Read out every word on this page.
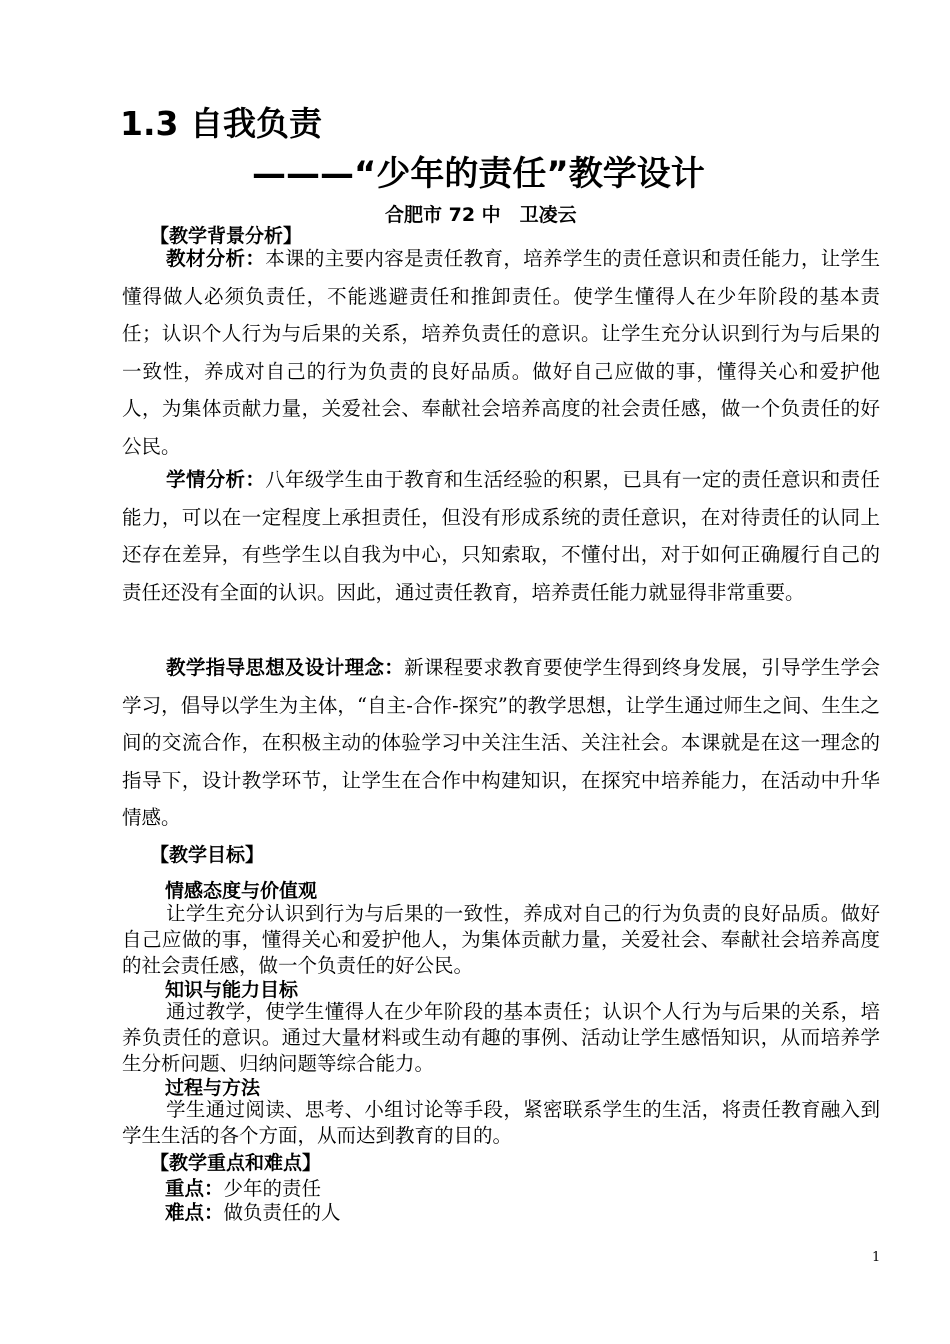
1.3 自我负责
———“少年的责任”教学设计
合肥市 72 中　卫凌云
【教学背景分析】

教材分析：本课的主要内容是责任教育，培养学生的责任意识和责任能力，让学生懂得做人必须负责任，不能逃避责任和推卸责任。使学生懂得人在少年阶段的基本责任；认识个人行为与后果的关系，培养负责任的意识。让学生充分认识到行为与后果的一致性，养成对自己的行为负责的良好品质。做好自己应做的事，懂得关心和爱护他人，为集体贡献力量，关爱社会、奉献社会培养高度的社会责任感，做一个负责任的好公民。

学情分析：八年级学生由于教育和生活经验的积累，已具有一定的责任意识和责任能力，可以在一定程度上承担责任，但没有形成系统的责任意识，在对待责任的认同上还存在差异，有些学生以自我为中心，只知索取，不懂付出，对于如何正确履行自己的责任还没有全面的认识。因此，通过责任教育，培养责任能力就显得非常重要。

教学指导思想及设计理念：新课程要求教育要使学生得到终身发展，引导学生学会学习，倡导以学生为主体，“自主-合作-探究”的教学思想，让学生通过师生之间、生生之间的交流合作，在积极主动的体验学习中关注生活、关注社会。本课就是在这一理念的指导下，设计教学环节，让学生在合作中构建知识，在探究中培养能力，在活动中升华情感。

【教学目标】
情感态度与价值观

让学生充分认识到行为与后果的一致性，养成对自己的行为负责的良好品质。做好自己应做的事，懂得关心和爱护他人，为集体贡献力量，关爱社会、奉献社会培养高度的社会责任感，做一个负责任的好公民。

知识与能力目标

通过教学，使学生懂得人在少年阶段的基本责任；认识个人行为与后果的关系，培养负责任的意识。通过大量材料或生动有趣的事例、活动让学生感悟知识，从而培养学生分析问题、归纳问题等综合能力。

过程与方法

学生通过阅读、思考、小组讨论等手段，紧密联系学生的生活，将责任教育融入到学生生活的各个方面，从而达到教育的目的。

【教学重点和难点】
重点：少年的责任
难点：做负责任的人
1
